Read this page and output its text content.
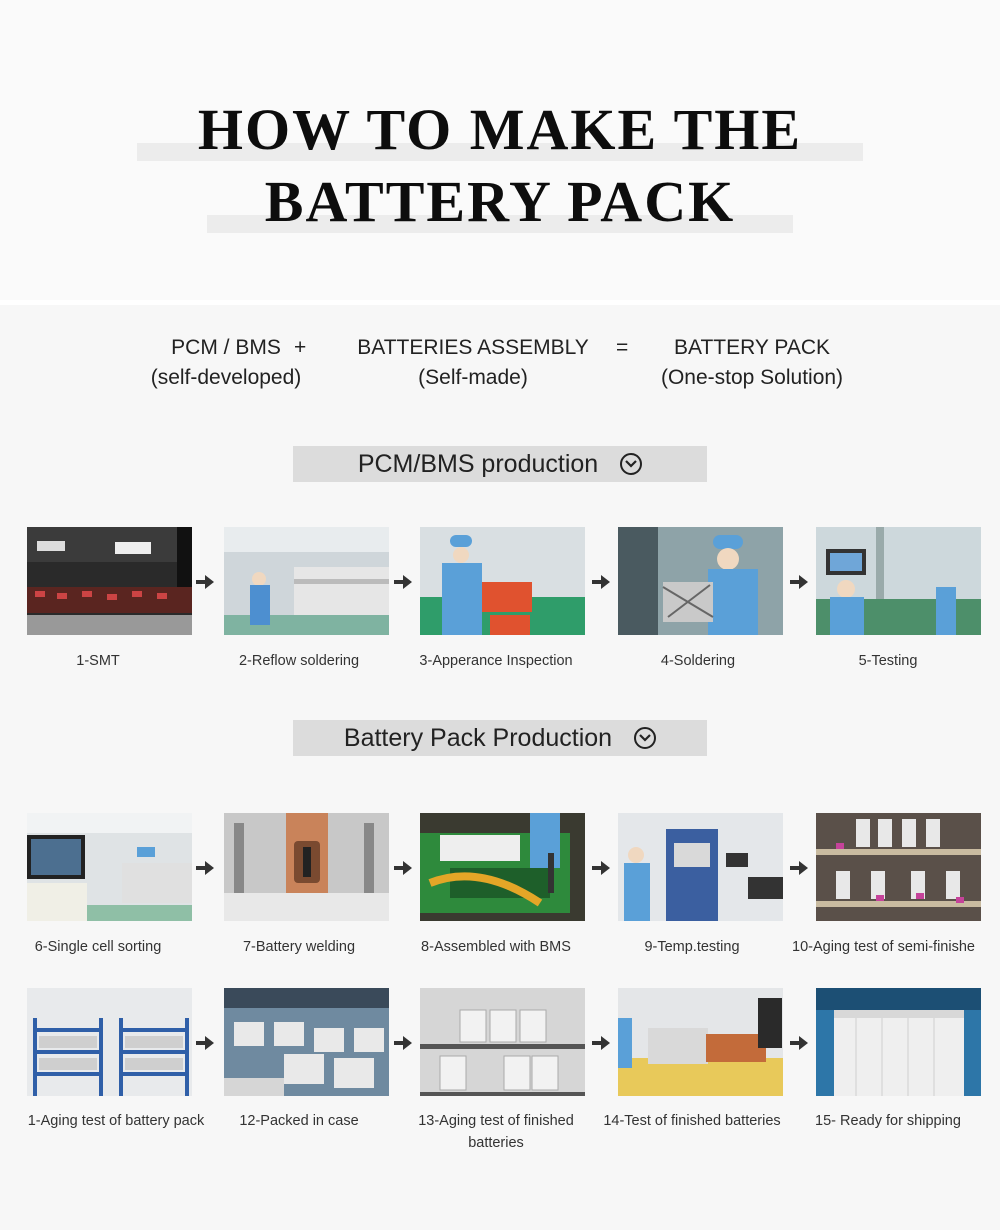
HOW TO MAKE THE
BATTERY PACK
PCM / BMS
(self-developed)
+	BATTERIES ASSEMBLY
(Self-made)
=	BATTERY PACK
(One-stop Solution)
PCM/BMS production
Battery Pack Production
1-SMT	2-Reflow soldering	3-Apperance Inspection	4-Soldering	5-Testing
6-Single cell sorting	7-Battery welding	8-Assembled with BMS	9-Temp.testing	10-Aging test of semi-finishe
1-Aging test of battery pack	12-Packed in case	13-Aging test of finished batteries
14-Test of finished batteries	15- Ready for shipping
